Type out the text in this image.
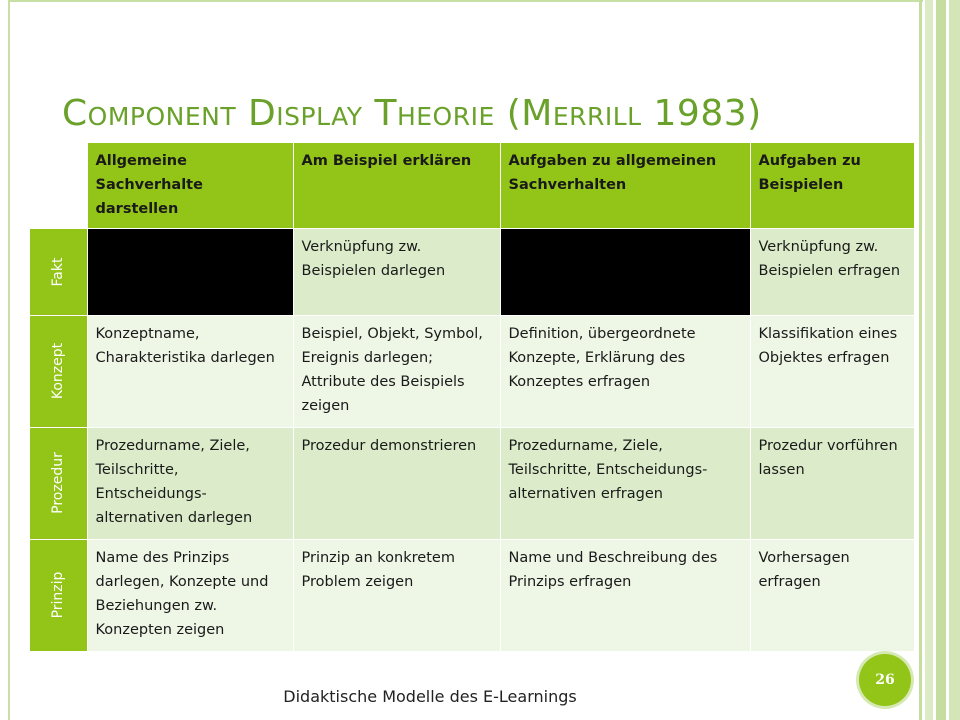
Component Display Theorie (Merrill 1983)
	Allgemeine Sachverhalte darstellen	Am Beispiel erklären	Aufgaben zu allgemeinen Sachverhalten	Aufgaben zu Beispielen

Fakt		Verknüpfung zw. Beispielen darlegen		Verknüpfung zw. Beispielen erfragen

Konzept	Konzeptname, Charakteristika darlegen	Beispiel, Objekt, Symbol, Ereignis darlegen; Attribute des Beispiels zeigen	Definition, übergeordnete Konzepte, Erklärung des Konzeptes erfragen	Klassifikation eines Objektes erfragen

Prozedur	Prozedurname, Ziele, Teilschritte, Entscheidungs-alternativen darlegen	Prozedur demonstrieren	Prozedurname, Ziele, Teilschritte, Entscheidungs-alternativen erfragen	Prozedur vorführen lassen

Prinzip	Name des Prinzips darlegen, Konzepte und Beziehungen zw. Konzepten zeigen	Prinzip an konkretem Problem zeigen	Name und Beschreibung des Prinzips erfragen	Vorhersagen erfragen
Didaktische Modelle des E-Learnings
26
